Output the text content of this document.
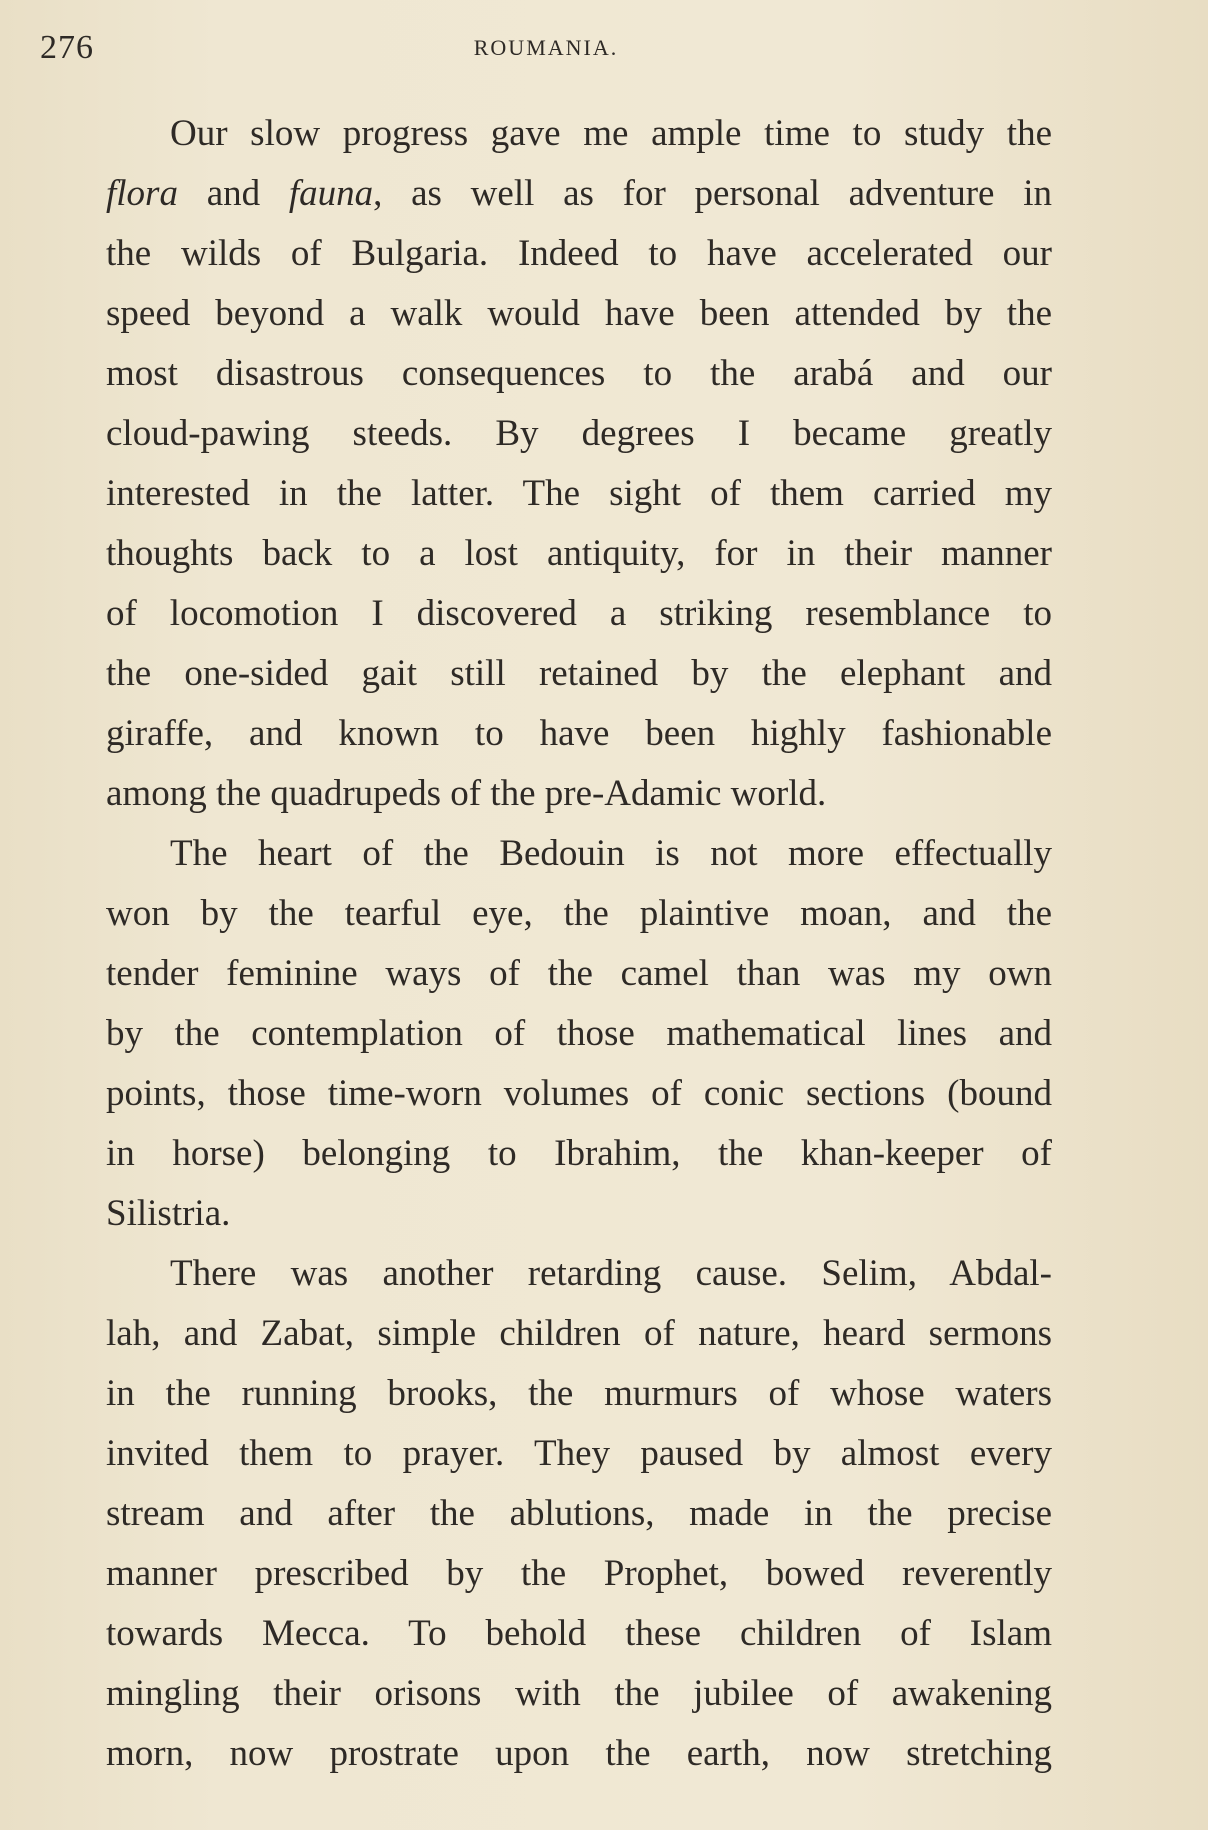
276	ROUMANIA.
Our slow progress gave me ample time to study the
flora and fauna, as well as for personal adventure in
the wilds of Bulgaria. Indeed to have accelerated our
speed beyond a walk would have been attended by the
most disastrous consequences to the arabá and our
cloud-pawing steeds. By degrees I became greatly
interested in the latter. The sight of them carried my
thoughts back to a lost antiquity, for in their manner
of locomotion I discovered a striking resemblance to
the one-sided gait still retained by the elephant and
giraffe, and known to have been highly fashionable
among the quadrupeds of the pre-Adamic world.
The heart of the Bedouin is not more effectually
won by the tearful eye, the plaintive moan, and the
tender feminine ways of the camel than was my own
by the contemplation of those mathematical lines and
points, those time-worn volumes of conic sections (bound
in horse) belonging to Ibrahim, the khan-keeper of
Silistria.
There was another retarding cause. Selim, Abdal-
lah, and Zabat, simple children of nature, heard sermons
in the running brooks, the murmurs of whose waters
invited them to prayer. They paused by almost every
stream and after the ablutions, made in the precise
manner prescribed by the Prophet, bowed reverently
towards Mecca. To behold these children of Islam
mingling their orisons with the jubilee of awakening
morn, now prostrate upon the earth, now stretching
